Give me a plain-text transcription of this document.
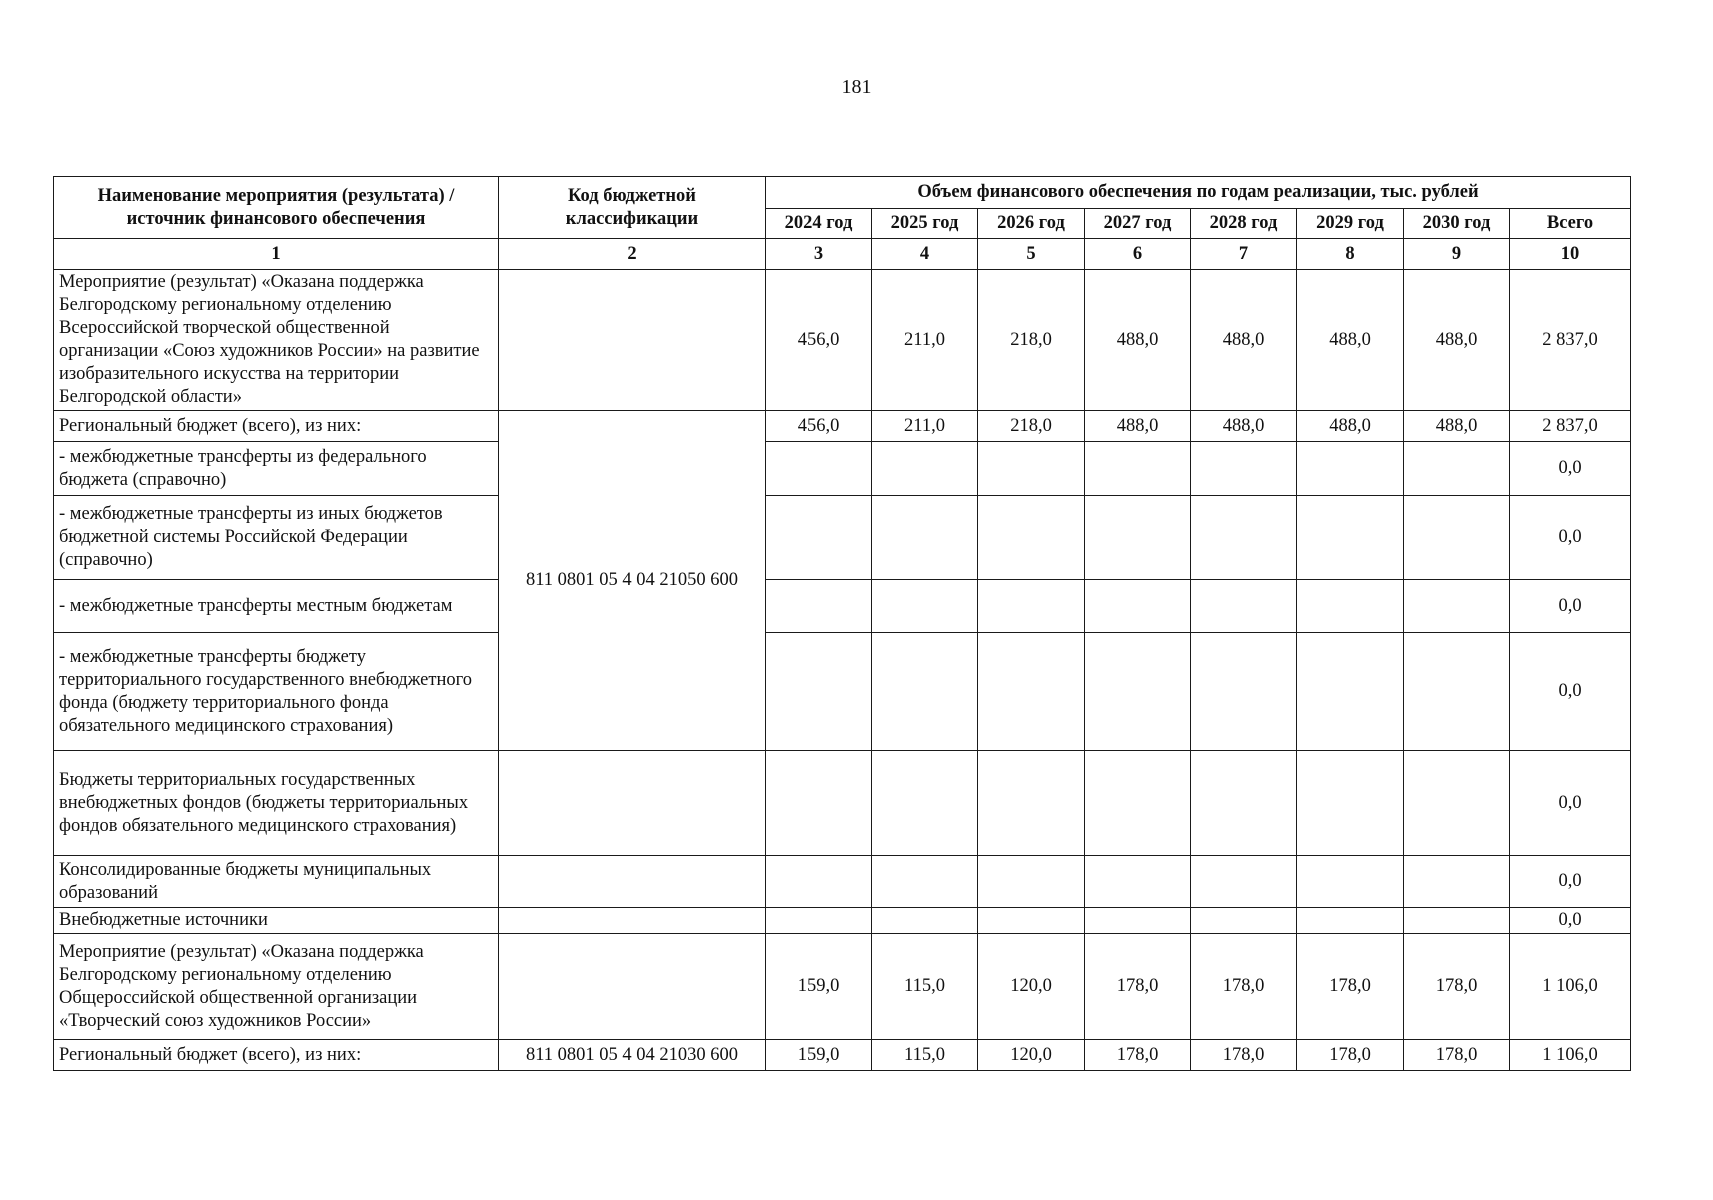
181
Наименование мероприятия (результата) / источник финансового обеспечения	Код бюджетной классификации	Объем финансового обеспечения по годам реализации, тыс. рублей							
		2024 год	2025 год	2026 год	2027 год	2028 год	2029 год	2030 год	Всего
1	2	3	4	5	6	7	8	9	10
Мероприятие (результат) «Оказана поддержка Белгородскому региональному отделению Всероссийской творческой общественной организации «Союз художников России» на развитие изобразительного искусства на территории Белгородской области»		456,0	211,0	218,0	488,0	488,0	488,0	488,0	2 837,0
Региональный бюджет (всего), из них:	811 0801 05 4 04 21050 600	456,0	211,0	218,0	488,0	488,0	488,0	488,0	2 837,0
- межбюджетные трансферты из федерального бюджета (справочно)									0,0
- межбюджетные трансферты из иных бюджетов бюджетной системы Российской Федерации (справочно)									0,0
- межбюджетные трансферты местным бюджетам									0,0
- межбюджетные трансферты бюджету территориального государственного внебюджетного фонда (бюджету территориального фонда обязательного медицинского страхования)									0,0
Бюджеты территориальных государственных внебюджетных фондов (бюджеты территориальных фондов обязательного медицинского страхования)									0,0
Консолидированные бюджеты муниципальных образований									0,0
Внебюджетные источники									0,0
Мероприятие (результат) «Оказана поддержка Белгородскому региональному отделению Общероссийской общественной организации «Творческий союз художников России»		159,0	115,0	120,0	178,0	178,0	178,0	178,0	1 106,0
Региональный бюджет (всего), из них:	811 0801 05 4 04 21030 600	159,0	115,0	120,0	178,0	178,0	178,0	178,0	1 106,0
